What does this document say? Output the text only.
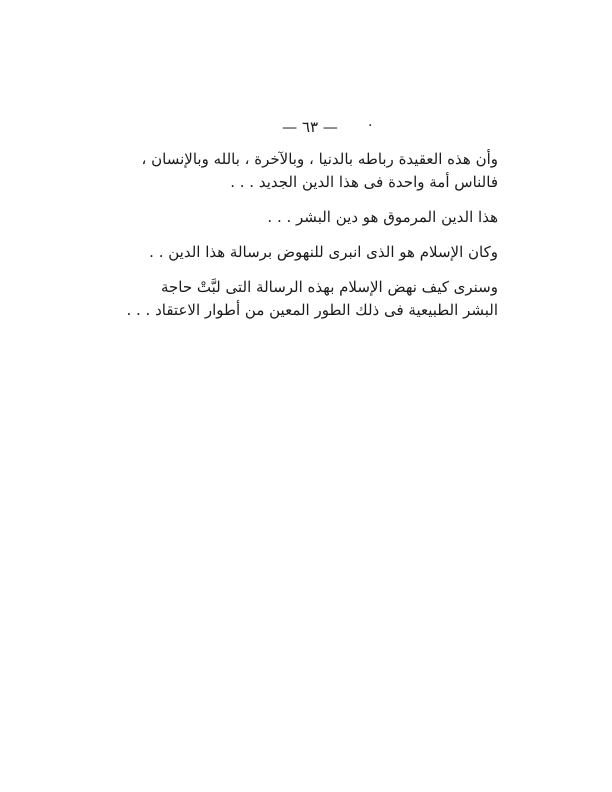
— ٦٣ —	.
وأن هذه العقيدة رباطه بالدنيا ، وبالآخرة ، بالله وبالإنسان ،
فالناس أمة واحدة فى هذا الدين الجديد . . .
هذا الدين المرموق هو دين البشر . . .
وكان الإسلام هو الذى انبرى للنهوض برسالة هذا الدين . .
وسنرى كيف نهض الإسلام بهذه الرسالة التى لبَّتْ حاجة
البشر الطبيعية فى ذلك الطور المعين من أطوار الاعتقاد . . .
